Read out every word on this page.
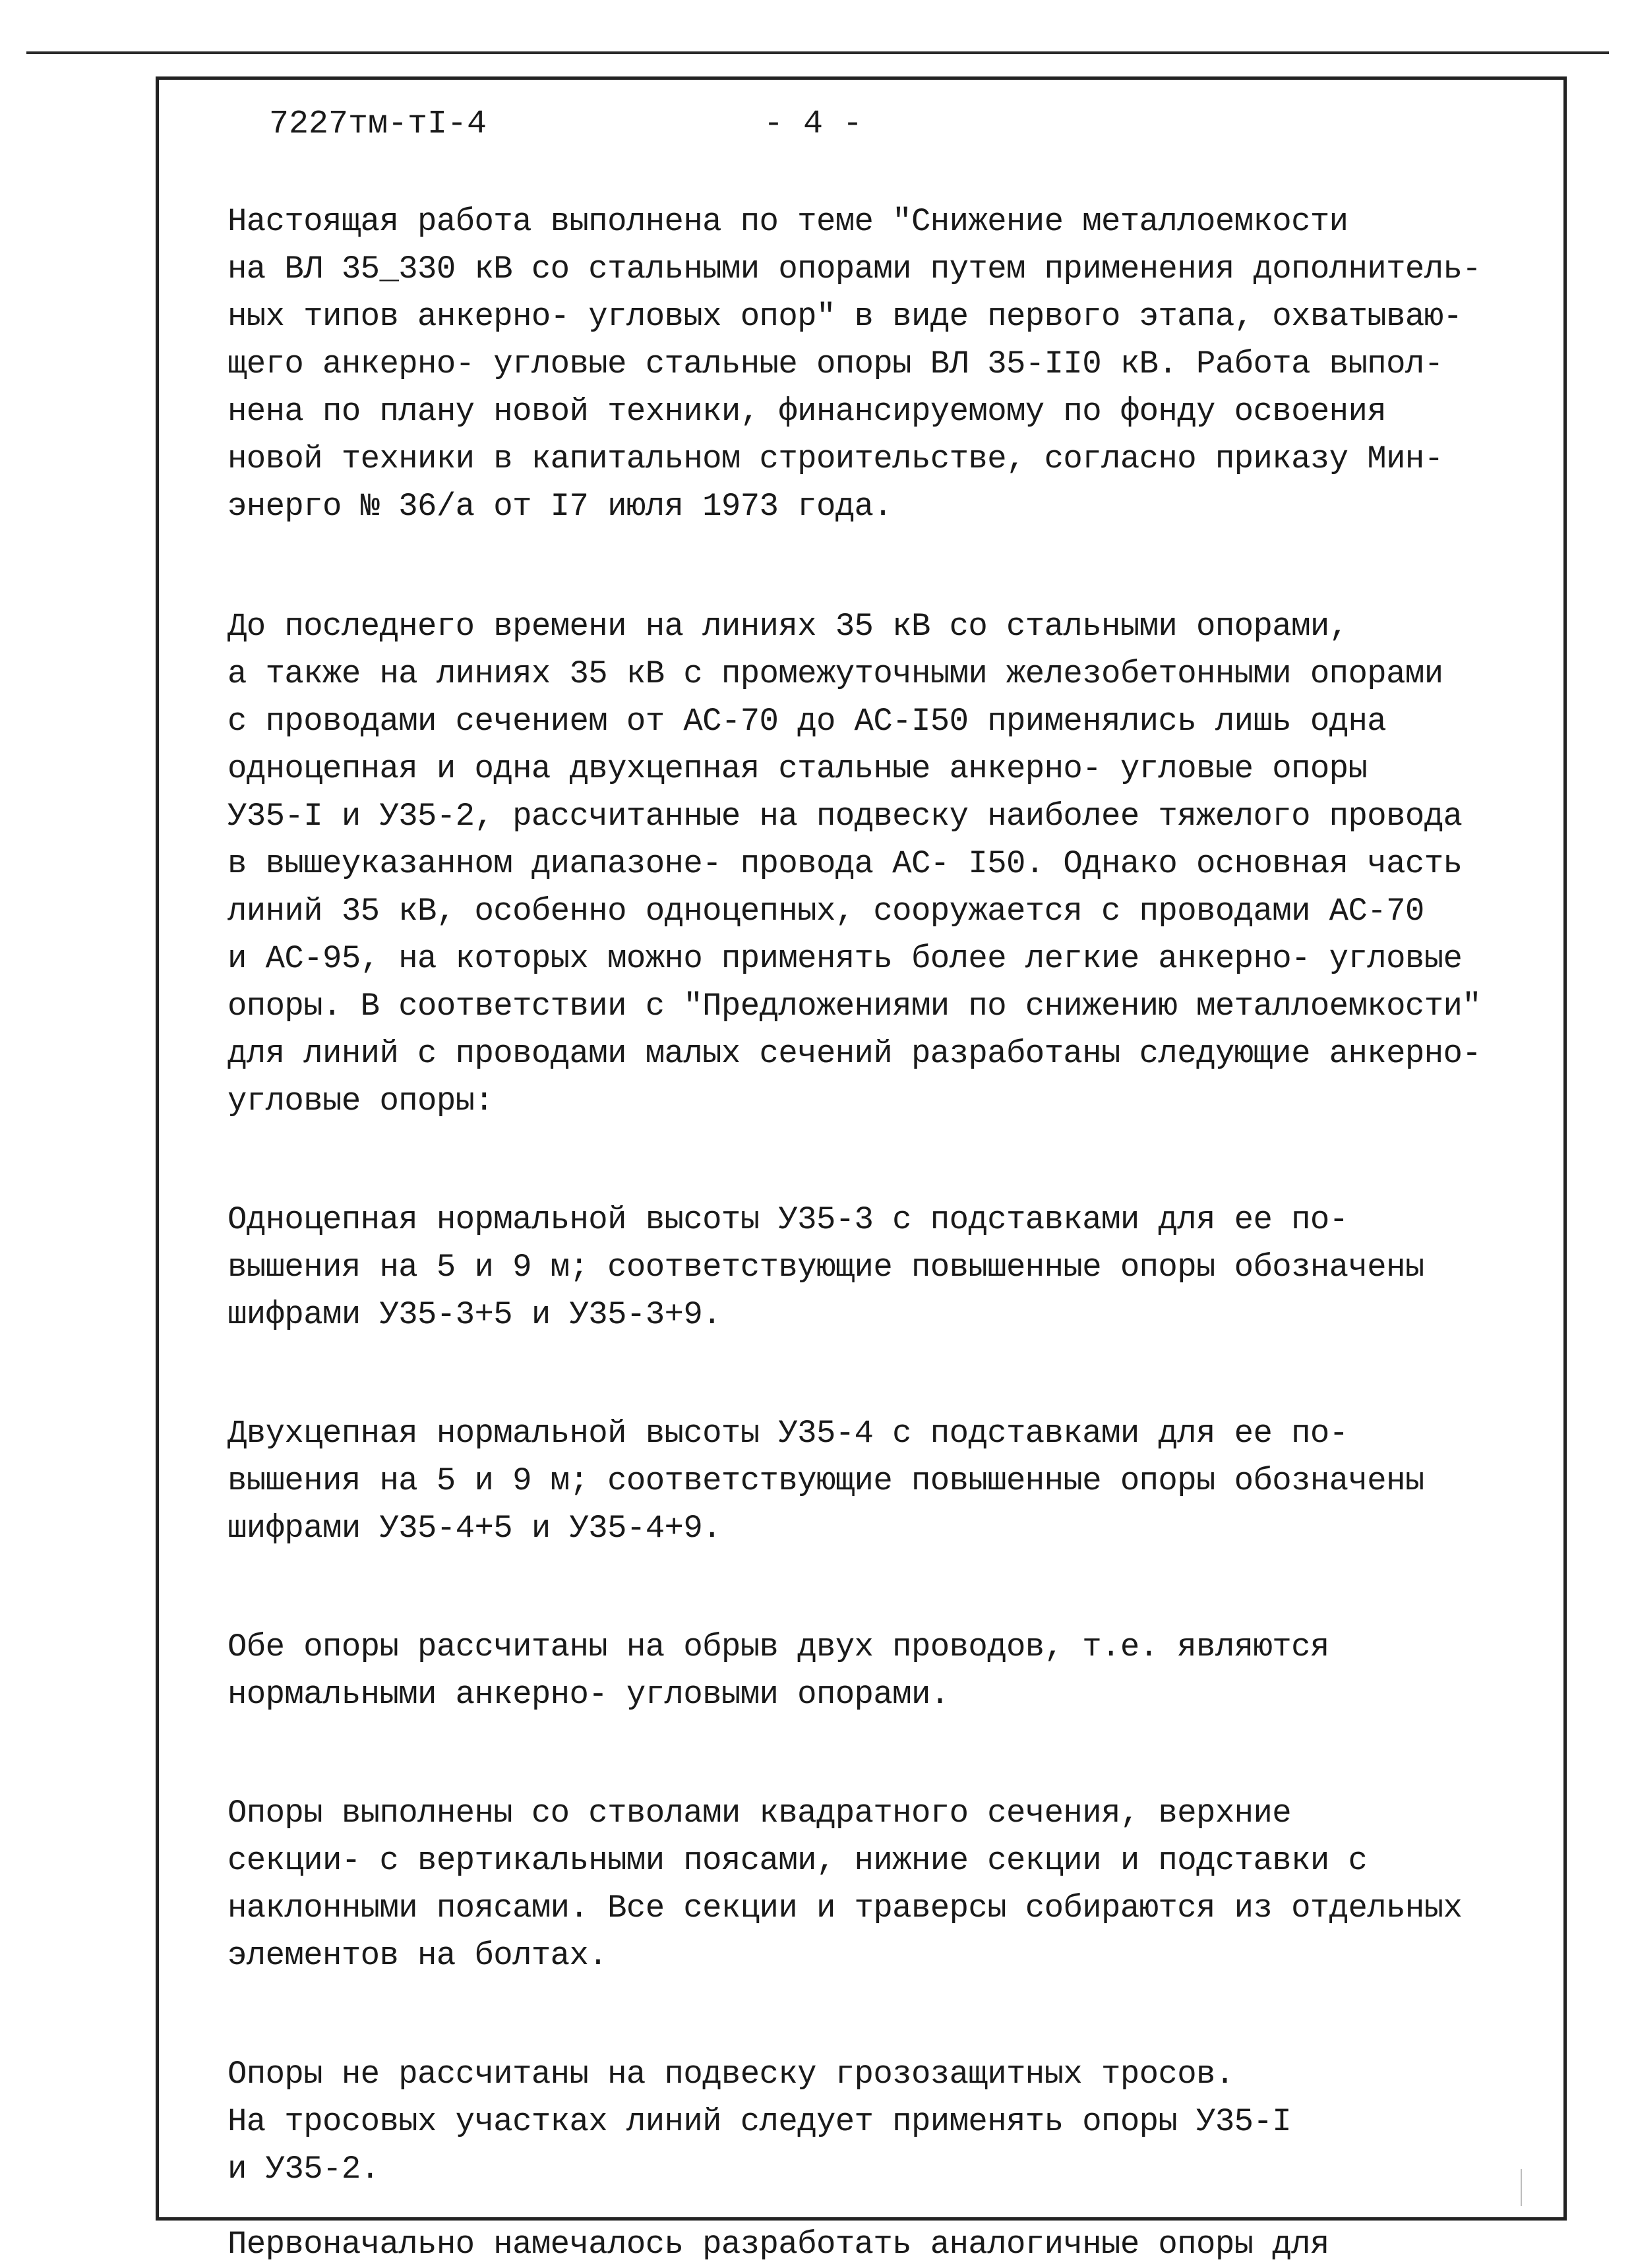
7227тм-тI-4	- 4 -

Настоящая работа выполнена по теме "Снижение металлоемкости
на ВЛ 35_330 кВ со стальными опорами путем применения дополнитель-
ных типов анкерно- угловых опор" в виде первого этапа, охватываю-
щего анкерно- угловые стальные опоры ВЛ 35-II0 кВ. Работа выпол-
нена по плану новой техники, финансируемому по фонду освоения
новой техники в капитальном строительстве, согласно приказу Мин-
энерго № 36/а от I7 июля 1973 года.

До последнего времени на линиях 35 кВ со стальными опорами,
а также на линиях 35 кВ с промежуточными железобетонными опорами
с проводами сечением от АС-70 до АС-I50 применялись лишь одна
одноцепная и одна двухцепная стальные анкерно- угловые опоры
У35-I и У35-2, рассчитанные на подвеску наиболее тяжелого провода
в вышеуказанном диапазоне- провода АС- I50. Однако основная часть
линий 35 кВ, особенно одноцепных, сооружается с проводами АС-70
и АС-95, на которых можно применять более легкие анкерно- угловые
опоры. В соответствии с "Предложениями по снижению металлоемкости"
для линий с проводами малых сечений разработаны следующие анкерно-
угловые опоры:

Одноцепная нормальной высоты У35-3 с подставками для ее по-
вышения на 5 и 9 м; соответствующие повышенные опоры обозначены
шифрами У35-3+5 и У35-3+9.

Двухцепная нормальной высоты У35-4 с подставками для ее по-
вышения на 5 и 9 м; соответствующие повышенные опоры обозначены
шифрами У35-4+5 и У35-4+9.

Обе опоры рассчитаны на обрыв двух проводов, т.е. являются
нормальными анкерно- угловыми опорами.

Опоры выполнены со стволами квадратного сечения, верхние
секции- с вертикальными поясами, нижние секции и подставки с
наклонными поясами. Все секции и траверсы собираются из отдельных
элементов на болтах.

Опоры не рассчитаны на подвеску грозозащитных тросов.
На тросовых участках линий следует применять опоры У35-I
и У35-2.

Первоначально намечалось разработать аналогичные опоры для
